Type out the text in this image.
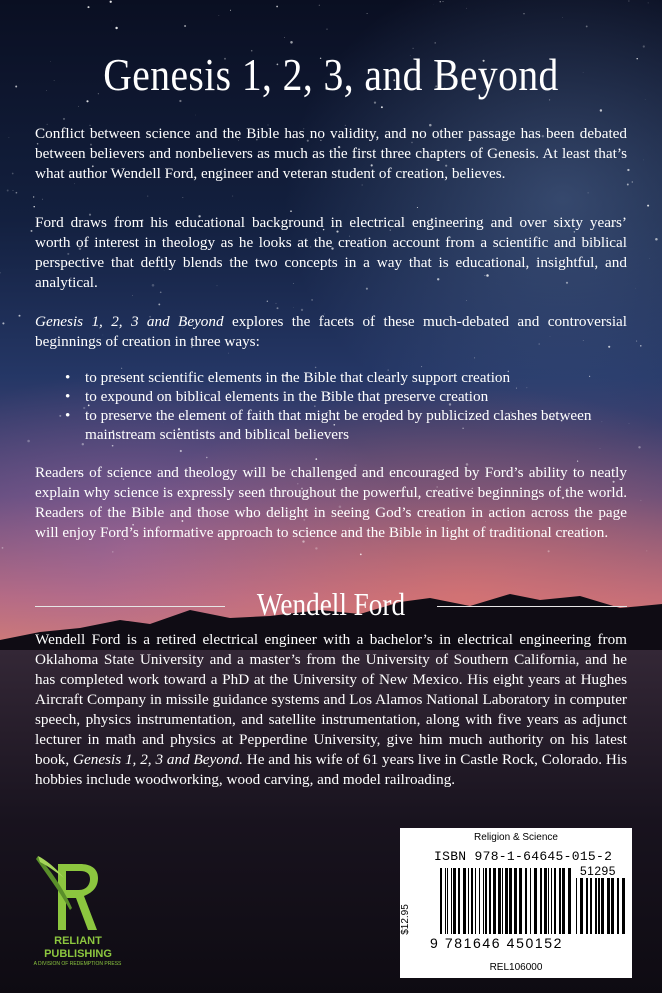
Genesis 1, 2, 3, and Beyond

Conflict between science and the Bible has no validity, and no other passage has been debated between believers and nonbelievers as much as the first three chapters of Genesis. At least that’s what author Wendell Ford, engineer and veteran student of creation, believes.

Ford draws from his educational background in electrical engineering and over sixty years’ worth of interest in theology as he looks at the creation account from a scientific and biblical perspective that deftly blends the two concepts in a way that is educational, insightful, and analytical.

Genesis 1, 2, 3 and Beyond explores the facets of these much-debated and controversial beginnings of creation in three ways:

• to present scientific elements in the Bible that clearly support creation
• to expound on biblical elements in the Bible that preserve creation
• to preserve the element of faith that might be eroded by publicized clashes between mainstream scientists and biblical believers

Readers of science and theology will be challenged and encouraged by Ford’s ability to neatly explain why science is expressly seen throughout the powerful, creative beginnings of the world. Readers of the Bible and those who delight in seeing God’s creation in action across the page will enjoy Ford’s informative approach to science and the Bible in light of traditional creation.

Wendell Ford

Wendell Ford is a retired electrical engineer with a bachelor’s in electrical engineering from Oklahoma State University and a master’s from the University of Southern California, and he has completed work toward a PhD at the University of New Mexico. His eight years at Hughes Aircraft Company in missile guidance systems and Los Alamos National Laboratory in computer speech, physics instrumentation, and satellite instrumentation, along with five years as adjunct lecturer in math and physics at Pepperdine University, give him much authority on his latest book, Genesis 1, 2, 3 and Beyond. He and his wife of 61 years live in Castle Rock, Colorado. His hobbies include woodworking, wood carving, and model railroading.

RELIANT
PUBLISHING
A DIVISION OF REDEMPTION PRESS
Religion & Science
ISBN 978-1-64645-015-2
$12.95
51295
9 781646 450152
REL106000
